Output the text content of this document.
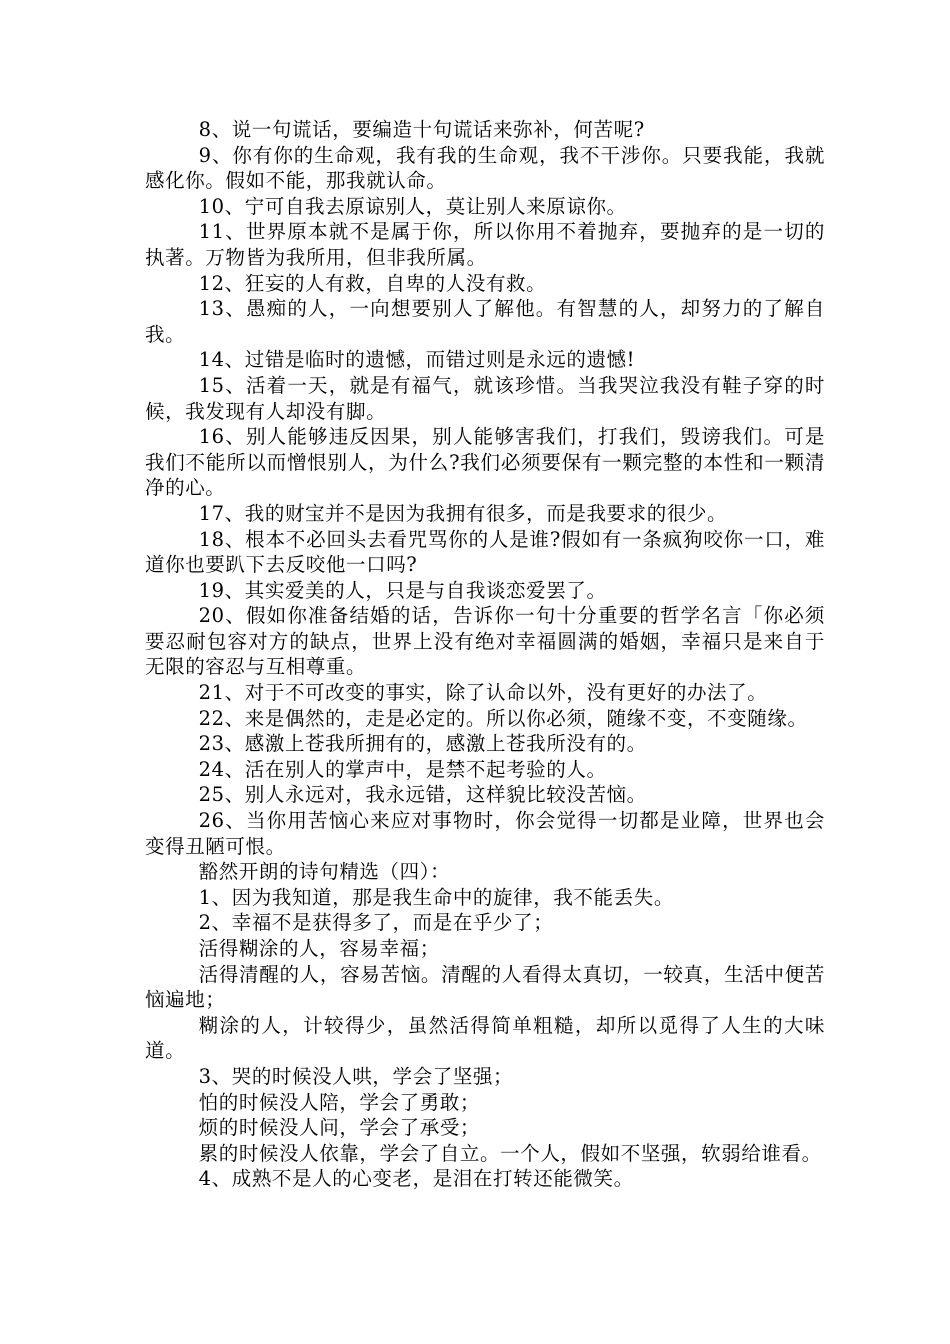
8、说一句谎话，要编造十句谎话来弥补，何苦呢?

9、你有你的生命观，我有我的生命观，我不干涉你。只要我能，我就感化你。假如不能，那我就认命。

10、宁可自我去原谅别人，莫让别人来原谅你。

11、世界原本就不是属于你，所以你用不着抛弃，要抛弃的是一切的执著。万物皆为我所用，但非我所属。

12、狂妄的人有救，自卑的人没有救。

13、愚痴的人，一向想要别人了解他。有智慧的人，却努力的了解自我。

14、过错是临时的遗憾，而错过则是永远的遗憾!

15、活着一天，就是有福气，就该珍惜。当我哭泣我没有鞋子穿的时候，我发现有人却没有脚。

16、别人能够违反因果，别人能够害我们，打我们，毁谤我们。可是我们不能所以而憎恨别人，为什么?我们必须要保有一颗完整的本性和一颗清净的心。

17、我的财宝并不是因为我拥有很多，而是我要求的很少。

18、根本不必回头去看咒骂你的人是谁?假如有一条疯狗咬你一口，难道你也要趴下去反咬他一口吗?

19、其实爱美的人，只是与自我谈恋爱罢了。

20、假如你准备结婚的话，告诉你一句十分重要的哲学名言「你必须要忍耐包容对方的缺点，世界上没有绝对幸福圆满的婚姻，幸福只是来自于无限的容忍与互相尊重。

21、对于不可改变的事实，除了认命以外，没有更好的办法了。

22、来是偶然的，走是必定的。所以你必须，随缘不变，不变随缘。

23、感激上苍我所拥有的，感激上苍我所没有的。

24、活在别人的掌声中，是禁不起考验的人。

25、别人永远对，我永远错，这样貌比较没苦恼。

26、当你用苦恼心来应对事物时，你会觉得一切都是业障，世界也会变得丑陋可恨。

豁然开朗的诗句精选（四）：

1、因为我知道，那是我生命中的旋律，我不能丢失。

2、幸福不是获得多了，而是在乎少了；

活得糊涂的人，容易幸福；

活得清醒的人，容易苦恼。清醒的人看得太真切，一较真，生活中便苦恼遍地；

糊涂的人，计较得少，虽然活得简单粗糙，却所以觅得了人生的大味道。

3、哭的时候没人哄，学会了坚强；

怕的时候没人陪，学会了勇敢；

烦的时候没人问，学会了承受；

累的时候没人依靠，学会了自立。一个人，假如不坚强，软弱给谁看。

4、成熟不是人的心变老，是泪在打转还能微笑。
